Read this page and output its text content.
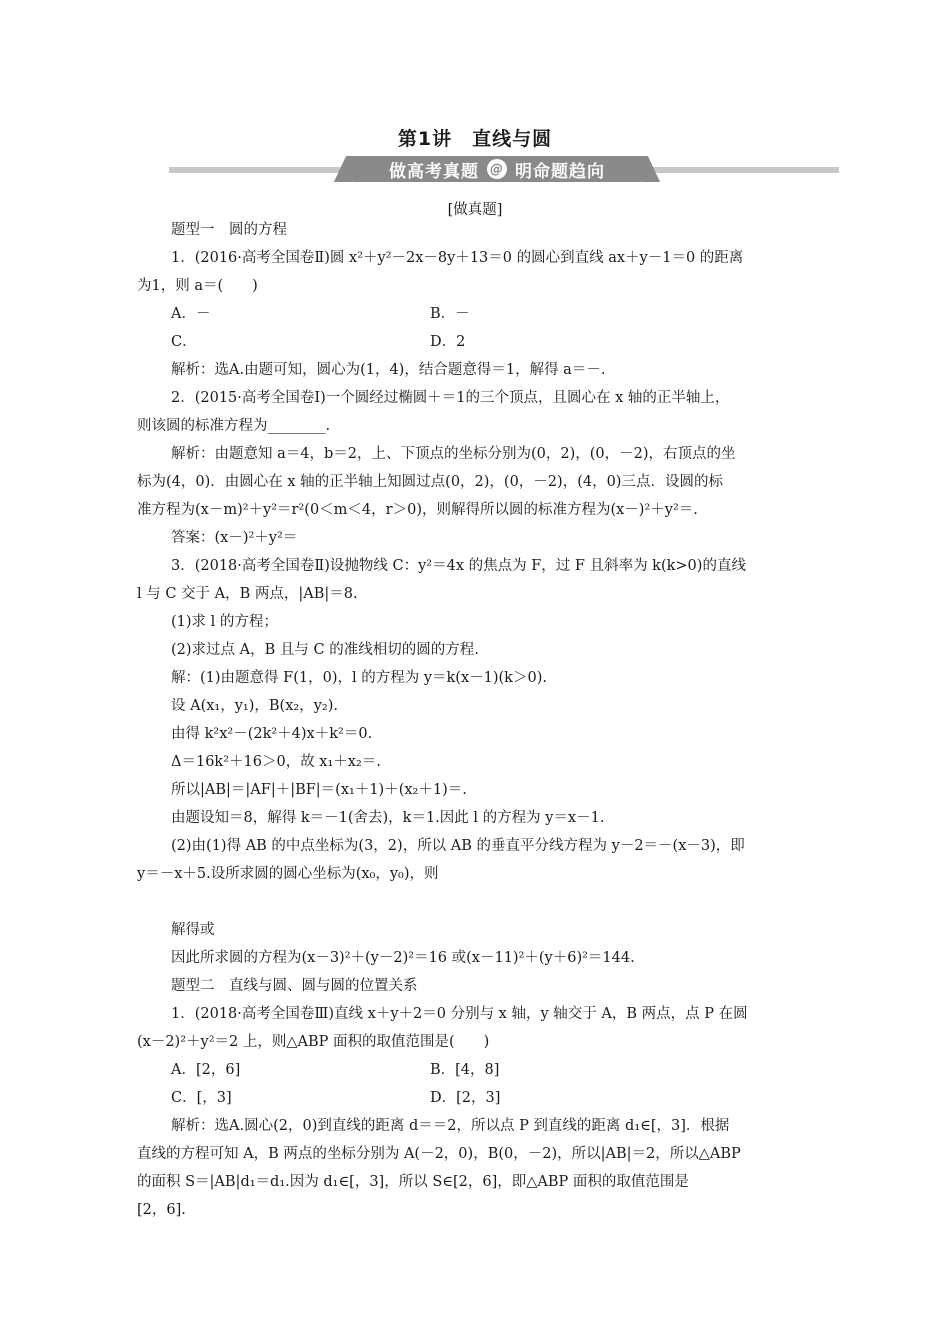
第1讲　直线与圆
做高考真题 @ 明命题趋向
[做真题]
题型一　圆的方程
1．(2016·高考全国卷Ⅱ)圆 x²＋y²－2x－8y＋13＝0 的圆心到直线 ax＋y－1＝0 的距离
为1，则 a＝(　　)
A．－	B．－
C．	D．2
解析：选A.由题可知，圆心为(1，4)，结合题意得＝1，解得 a＝－.
2．(2015·高考全国卷Ⅰ)一个圆经过椭圆＋＝1的三个顶点，且圆心在 x 轴的正半轴上，
则该圆的标准方程为________.
解析：由题意知 a＝4，b＝2，上、下顶点的坐标分别为(0，2)，(0，－2)，右顶点的坐
标为(4，0)．由圆心在 x 轴的正半轴上知圆过点(0，2)，(0，－2)，(4，0)三点．设圆的标
准方程为(x－m)²＋y²＝r²(0＜m＜4，r＞0)，则解得所以圆的标准方程为(x－)²＋y²＝.
答案：(x－)²＋y²＝
3．(2018·高考全国卷Ⅱ)设抛物线 C：y²＝4x 的焦点为 F，过 F 且斜率为 k(k>0)的直线
l 与 C 交于 A，B 两点，|AB|＝8.
(1)求 l 的方程；
(2)求过点 A，B 且与 C 的准线相切的圆的方程.
解：(1)由题意得 F(1，0)，l 的方程为 y＝k(x－1)(k＞0).
设 A(x₁，y₁)，B(x₂，y₂).
由得 k²x²－(2k²＋4)x＋k²＝0.
Δ＝16k²＋16＞0，故 x₁＋x₂＝.
所以|AB|＝|AF|＋|BF|＝(x₁＋1)＋(x₂＋1)＝.
由题设知＝8，解得 k＝－1(舍去)，k＝1.因此 l 的方程为 y＝x－1.
(2)由(1)得 AB 的中点坐标为(3，2)，所以 AB 的垂直平分线方程为 y－2＝－(x－3)，即
y＝－x＋5.设所求圆的圆心坐标为(x₀，y₀)，则
解得或
因此所求圆的方程为(x－3)²＋(y－2)²＝16 或(x－11)²＋(y＋6)²＝144.
题型二　直线与圆、圆与圆的位置关系
1．(2018·高考全国卷Ⅲ)直线 x＋y＋2＝0 分别与 x 轴，y 轴交于 A，B 两点，点 P 在圆
(x－2)²＋y²＝2 上，则△ABP 面积的取值范围是(　　)
A．[2，6]	B．[4，8]
C．[，3]	D．[2，3]
解析：选A.圆心(2，0)到直线的距离 d＝＝2，所以点 P 到直线的距离 d₁∈[，3]．根据
直线的方程可知 A，B 两点的坐标分别为 A(－2，0)，B(0，－2)，所以|AB|＝2，所以△ABP
的面积 S＝|AB|d₁＝d₁.因为 d₁∈[，3]，所以 S∈[2，6]，即△ABP 面积的取值范围是
[2，6].
